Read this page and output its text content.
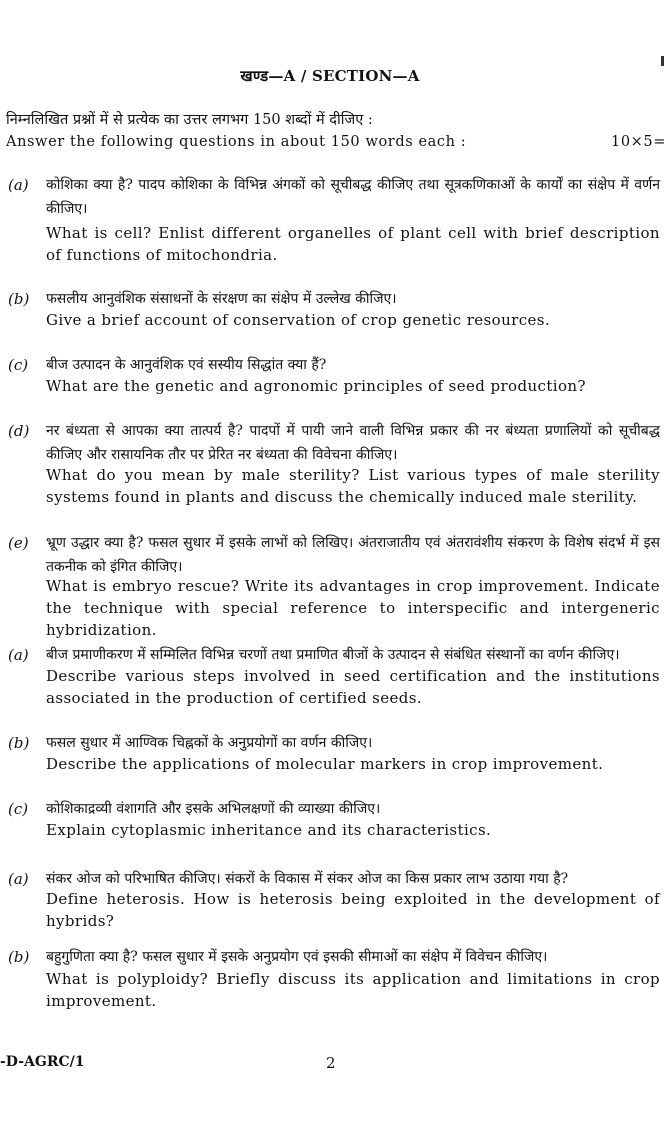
खण्ड—A / SECTION—A
निम्नलिखित प्रश्नों में से प्रत्येक का उत्तर लगभग 150 शब्दों में दीजिए :
Answer the following questions in about 150 words each :	10×5=
(a) कोशिका क्या है? पादप कोशिका के विभिन्न अंगकों को सूचीबद्ध कीजिए तथा सूत्रकणिकाओं के कार्यों का संक्षेप में वर्णन कीजिए।
What is cell? Enlist different organelles of plant cell with brief description of functions of mitochondria.
(b) फसलीय आनुवंशिक संसाधनों के संरक्षण का संक्षेप में उल्लेख कीजिए।
Give a brief account of conservation of crop genetic resources.
(c) बीज उत्पादन के आनुवंशिक एवं सस्यीय सिद्धांत क्या हैं?
What are the genetic and agronomic principles of seed production?
(d) नर बंध्यता से आपका क्या तात्पर्य है? पादपों में पायी जाने वाली विभिन्न प्रकार की नर बंध्यता प्रणालियों को सूचीबद्ध कीजिए और रासायनिक तौर पर प्रेरित नर बंध्यता की विवेचना कीजिए।
What do you mean by male sterility? List various types of male sterility systems found in plants and discuss the chemically induced male sterility.
(e) भ्रूण उद्धार क्या है? फसल सुधार में इसके लाभों को लिखिए। अंतराजातीय एवं अंतरावंशीय संकरण के विशेष संदर्भ में इस तकनीक को इंगित कीजिए।
What is embryo rescue? Write its advantages in crop improvement. Indicate the technique with special reference to interspecific and intergeneric hybridization.
(a) बीज प्रमाणीकरण में सम्मिलित विभिन्न चरणों तथा प्रमाणित बीजों के उत्पादन से संबंधित संस्थानों का वर्णन कीजिए।
Describe various steps involved in seed certification and the institutions associated in the production of certified seeds.
(b) फसल सुधार में आण्विक चिह्नकों के अनुप्रयोगों का वर्णन कीजिए।
Describe the applications of molecular markers in crop improvement.
(c) कोशिकाद्रव्यी वंशागति और इसके अभिलक्षणों की व्याख्या कीजिए।
Explain cytoplasmic inheritance and its characteristics.
(a) संकर ओज को परिभाषित कीजिए। संकरों के विकास में संकर ओज का किस प्रकार लाभ उठाया गया है?
Define heterosis. How is heterosis being exploited in the development of hybrids?
(b) बहुगुणिता क्या है? फसल सुधार में इसके अनुप्रयोग एवं इसकी सीमाओं का संक्षेप में विवेचन कीजिए।
What is polyploidy? Briefly discuss its application and limitations in crop improvement.
-D-AGRC/1	2
